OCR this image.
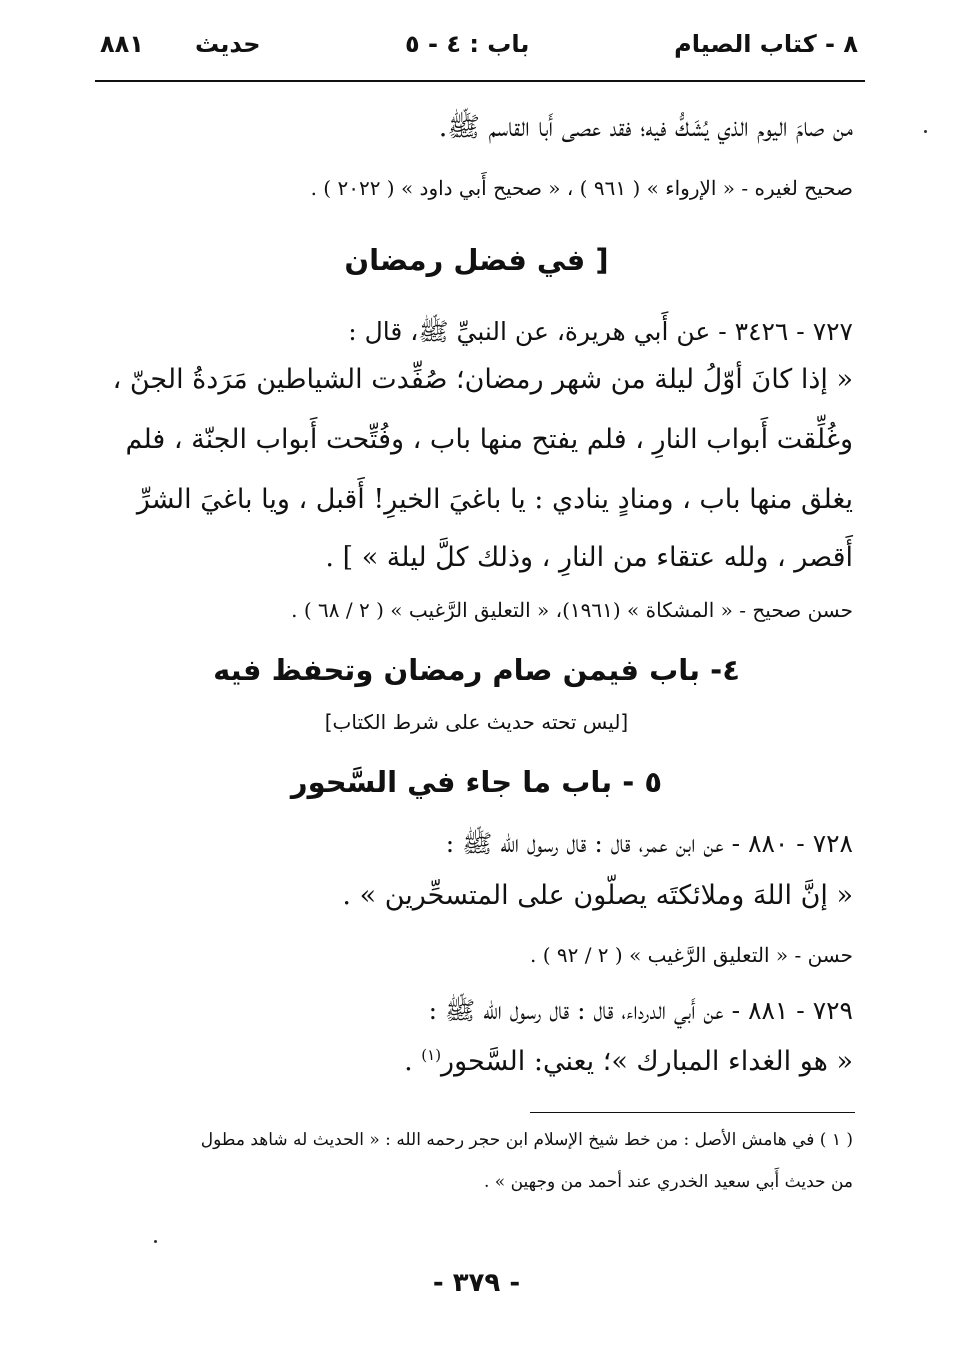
٨ - كتاب الصيام
باب : ٤ - ٥
حديث
٨٨١
من صامَ اليوم الذي يُشَكُّ فيه؛ فقد عصى أَبا القاسم ﷺ.
صحيح لغيره - « الإرواء » ( ٩٦١ ) ، « صحيح أَبي داود » ( ٢٠٢٢ ) .
[ في فضل رمضان
٧٢٧ - ٣٤٢٦ - عن أَبي هريرة، عن النبيِّ ﷺ، قال :
« إذا كانَ أوّلُ ليلة من شهر رمضان؛ صُفِّدت الشياطين مَرَدةُ الجنّ ،
وغُلِّقت أَبواب النارِ ، فلم يفتح منها باب ، وفُتِّحت أَبواب الجنّة ، فلم
يغلق منها باب ، ومنادٍ ينادي : يا باغيَ الخيرِ! أَقبل ، ويا باغيَ الشرِّ
أَقصر ، ولله عتقاء من النارِ ، وذلك كلَّ ليلة » ] .
حسن صحيح - « المشكاة » (١٩٦١)، « التعليق الرَّغيب » ( ٢ / ٦٨ ) .
٤- باب فيمن صام رمضان وتحفظ فيه
[ليس تحته حديث على شرط الكتاب]
٥ - باب ما جاء في السَّحور
٧٢٨ - ٨٨٠ - عن ابن عمر، قال : قال رسول الله ﷺ :
« إنَّ اللهَ وملائكتَه يصلّون على المتسحِّرين » .
حسن - « التعليق الرَّغيب » ( ٢ / ٩٢ ) .
٧٢٩ - ٨٨١ - عن أَبي الدرداء، قال : قال رسول الله ﷺ :
« هو الغداء المبارك »؛ يعني: السَّحور$^{(١)}$ .
( ١ ) في هامش الأصل : من خط شيخ الإسلام ابن حجر رحمه الله : « الحديث له شاهد مطول
من حديث أَبي سعيد الخدري عند أحمد من وجهين » .
- ٣٧٩ -
